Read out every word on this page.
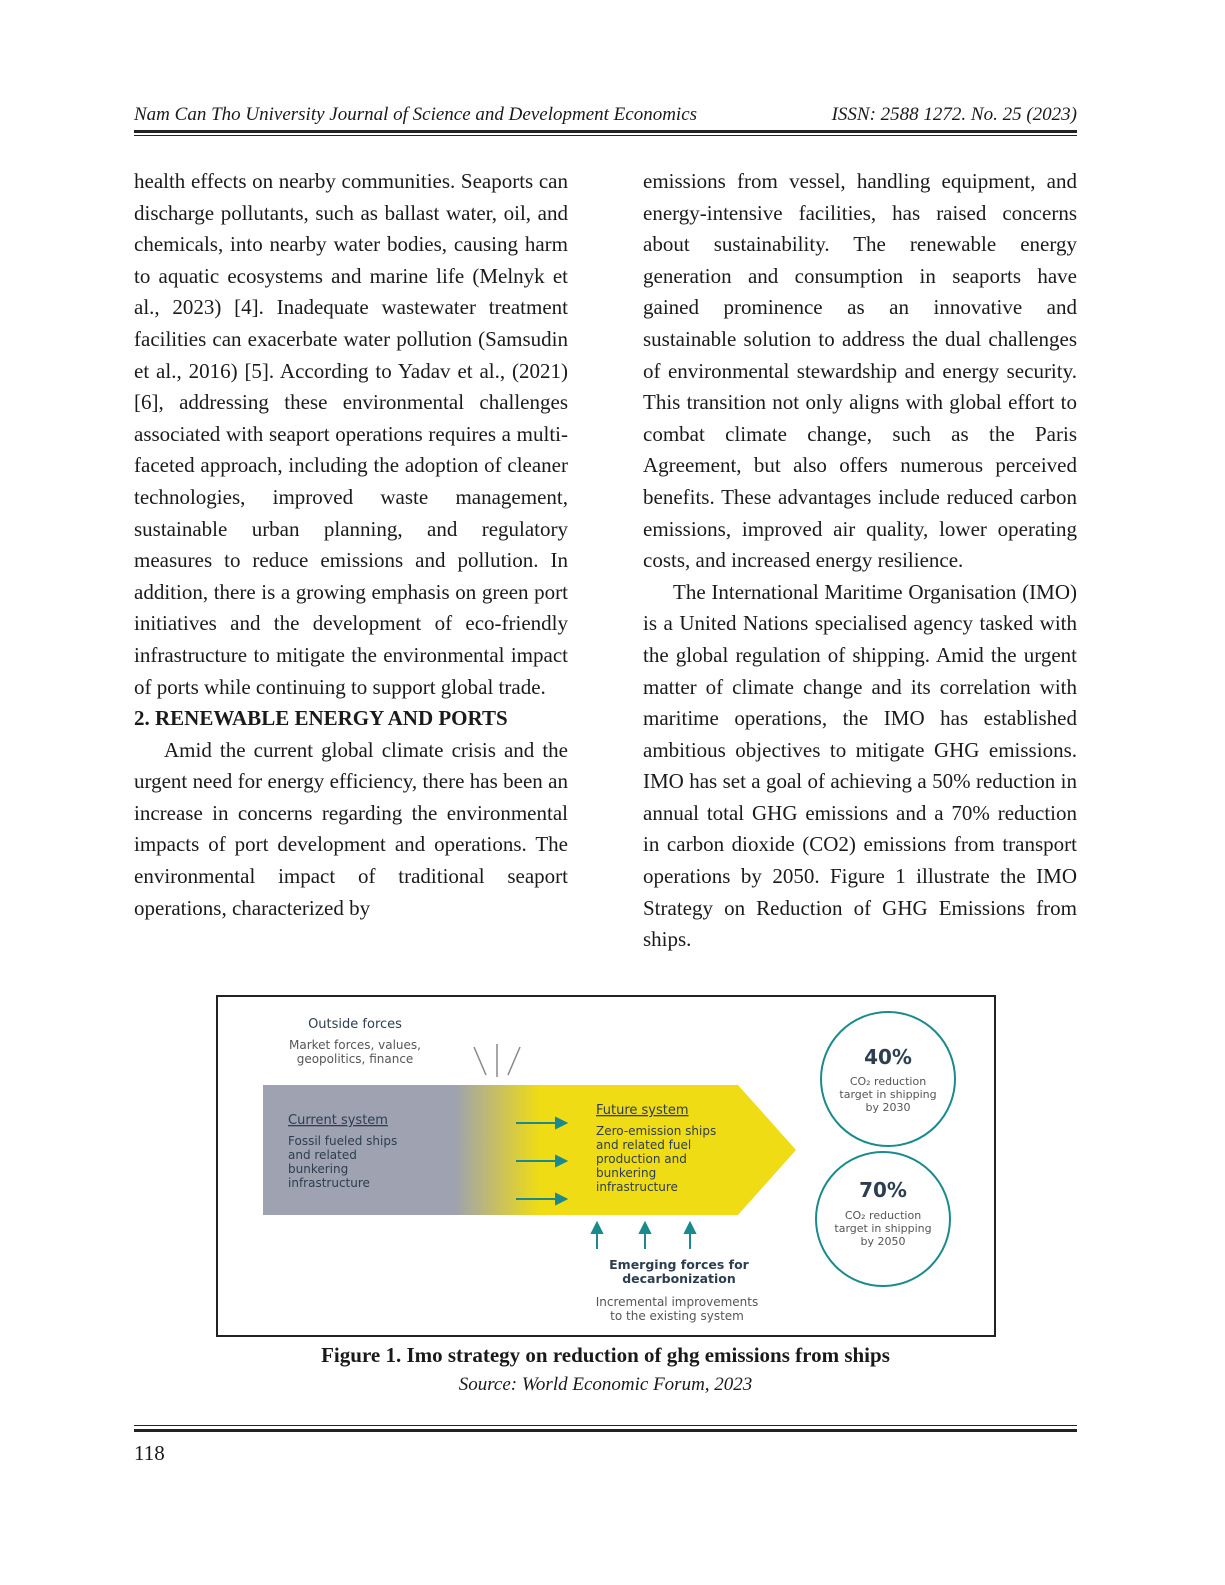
Nam Can Tho University Journal of Science and Development Economics	ISSN: 2588 1272. No. 25 (2023)

health effects on nearby communities. Seaports can discharge pollutants, such as ballast water, oil, and chemicals, into nearby water bodies, causing harm to aquatic ecosystems and marine life (Melnyk et al., 2023) [4]. Inadequate wastewater treatment facilities can exacerbate water pollution (Samsudin et al., 2016) [5]. According to Yadav et al., (2021) [6], addressing these environmental challenges associated with seaport operations requires a multi-faceted approach, including the adoption of cleaner technologies, improved waste management, sustainable urban planning, and regulatory measures to reduce emissions and pollution. In addition, there is a growing emphasis on green port initiatives and the development of eco-friendly infrastructure to mitigate the environmental impact of ports while continuing to support global trade.

2. RENEWABLE ENERGY AND PORTS

Amid the current global climate crisis and the urgent need for energy efficiency, there has been an increase in concerns regarding the environmental impacts of port development and operations. The environmental impact of traditional seaport operations, characterized by

emissions from vessel, handling equipment, and energy-intensive facilities, has raised concerns about sustainability. The renewable energy generation and consumption in seaports have gained prominence as an innovative and sustainable solution to address the dual challenges of environmental stewardship and energy security. This transition not only aligns with global effort to combat climate change, such as the Paris Agreement, but also offers numerous perceived benefits. These advantages include reduced carbon emissions, improved air quality, lower operating costs, and increased energy resilience.

The International Maritime Organisation (IMO) is a United Nations specialised agency tasked with the global regulation of shipping. Amid the urgent matter of climate change and its correlation with maritime operations, the IMO has established ambitious objectives to mitigate GHG emissions. IMO has set a goal of achieving a 50% reduction in annual total GHG emissions and a 70% reduction in carbon dioxide (CO2) emissions from transport operations by 2050. Figure 1 illustrate the IMO Strategy on Reduction of GHG Emissions from ships.

Outside forces
Market forces, values,
geopolitics, finance
Current system
Fossil fueled ships
and related
bunkering
infrastructure
Future system
Zero-emission ships
and related fuel
production and
bunkering
infrastructure
Emerging forces for
decarbonization
Incremental improvements
to the existing system
40%
CO₂ reduction
target in shipping
by 2030
70%
CO₂ reduction
target in shipping
by 2050
Figure 1. Imo strategy on reduction of ghg emissions from ships
Source: World Economic Forum, 2023
118
